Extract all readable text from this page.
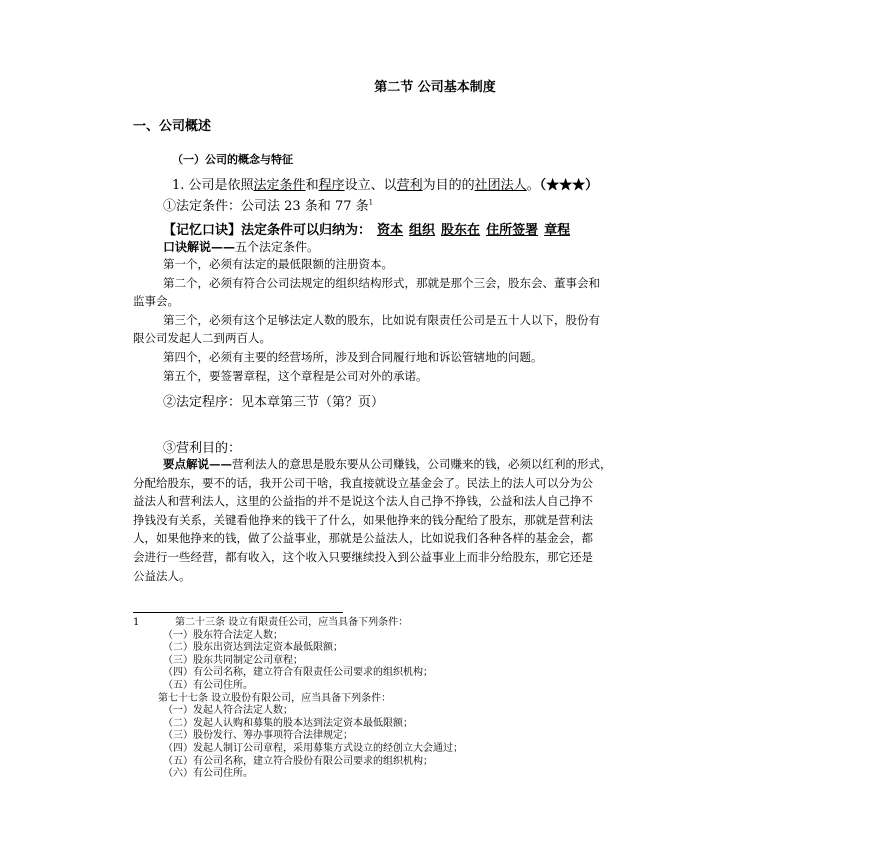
第二节 公司基本制度
一、公司概述
（一）公司的概念与特征
1. 公司是依照法定条件和程序设立、以营利为目的的社团法人。（★★★）
①法定条件：公司法 23 条和 77 条$^1$
【记忆口诀】法定条件可以归纳为： 资本 组织 股东在 住所签署 章程
口诀解说——五个法定条件。
第一个，必须有法定的最低限额的注册资本。
第二个，必须有符合公司法规定的组织结构形式，那就是那个三会，股东会、董事会和
监事会。
第三个，必须有这个足够法定人数的股东，比如说有限责任公司是五十人以下，股份有
限公司发起人二到两百人。
第四个，必须有主要的经营场所，涉及到合同履行地和诉讼管辖地的问题。
第五个，要签署章程，这个章程是公司对外的承诺。
②法定程序：见本章第三节（第？页）
③营利目的：
要点解说——营利法人的意思是股东要从公司赚钱，公司赚来的钱，必须以红利的形式，
分配给股东，要不的话，我开公司干啥，我直接就设立基金会了。民法上的法人可以分为公
益法人和营利法人，这里的公益指的并不是说这个法人自己挣不挣钱，公益和法人自己挣不
挣钱没有关系，关键看他挣来的钱干了什么，如果他挣来的钱分配给了股东，那就是营利法
人，如果他挣来的钱，做了公益事业，那就是公益法人，比如说我们各种各样的基金会，都
会进行一些经营，都有收入，这个收入只要继续投入到公益事业上而非分给股东，那它还是
公益法人。
1	第二十三条 设立有限责任公司，应当具备下列条件：
（一）股东符合法定人数；
（二）股东出资达到法定资本最低限额；
（三）股东共同制定公司章程；
（四）有公司名称，建立符合有限责任公司要求的组织机构；
（五）有公司住所。
第七十七条 设立股份有限公司，应当具备下列条件：
（一）发起人符合法定人数；
（二）发起人认购和募集的股本达到法定资本最低限额；
（三）股份发行、筹办事项符合法律规定；
（四）发起人制订公司章程，采用募集方式设立的经创立大会通过；
（五）有公司名称，建立符合股份有限公司要求的组织机构；
（六）有公司住所。
